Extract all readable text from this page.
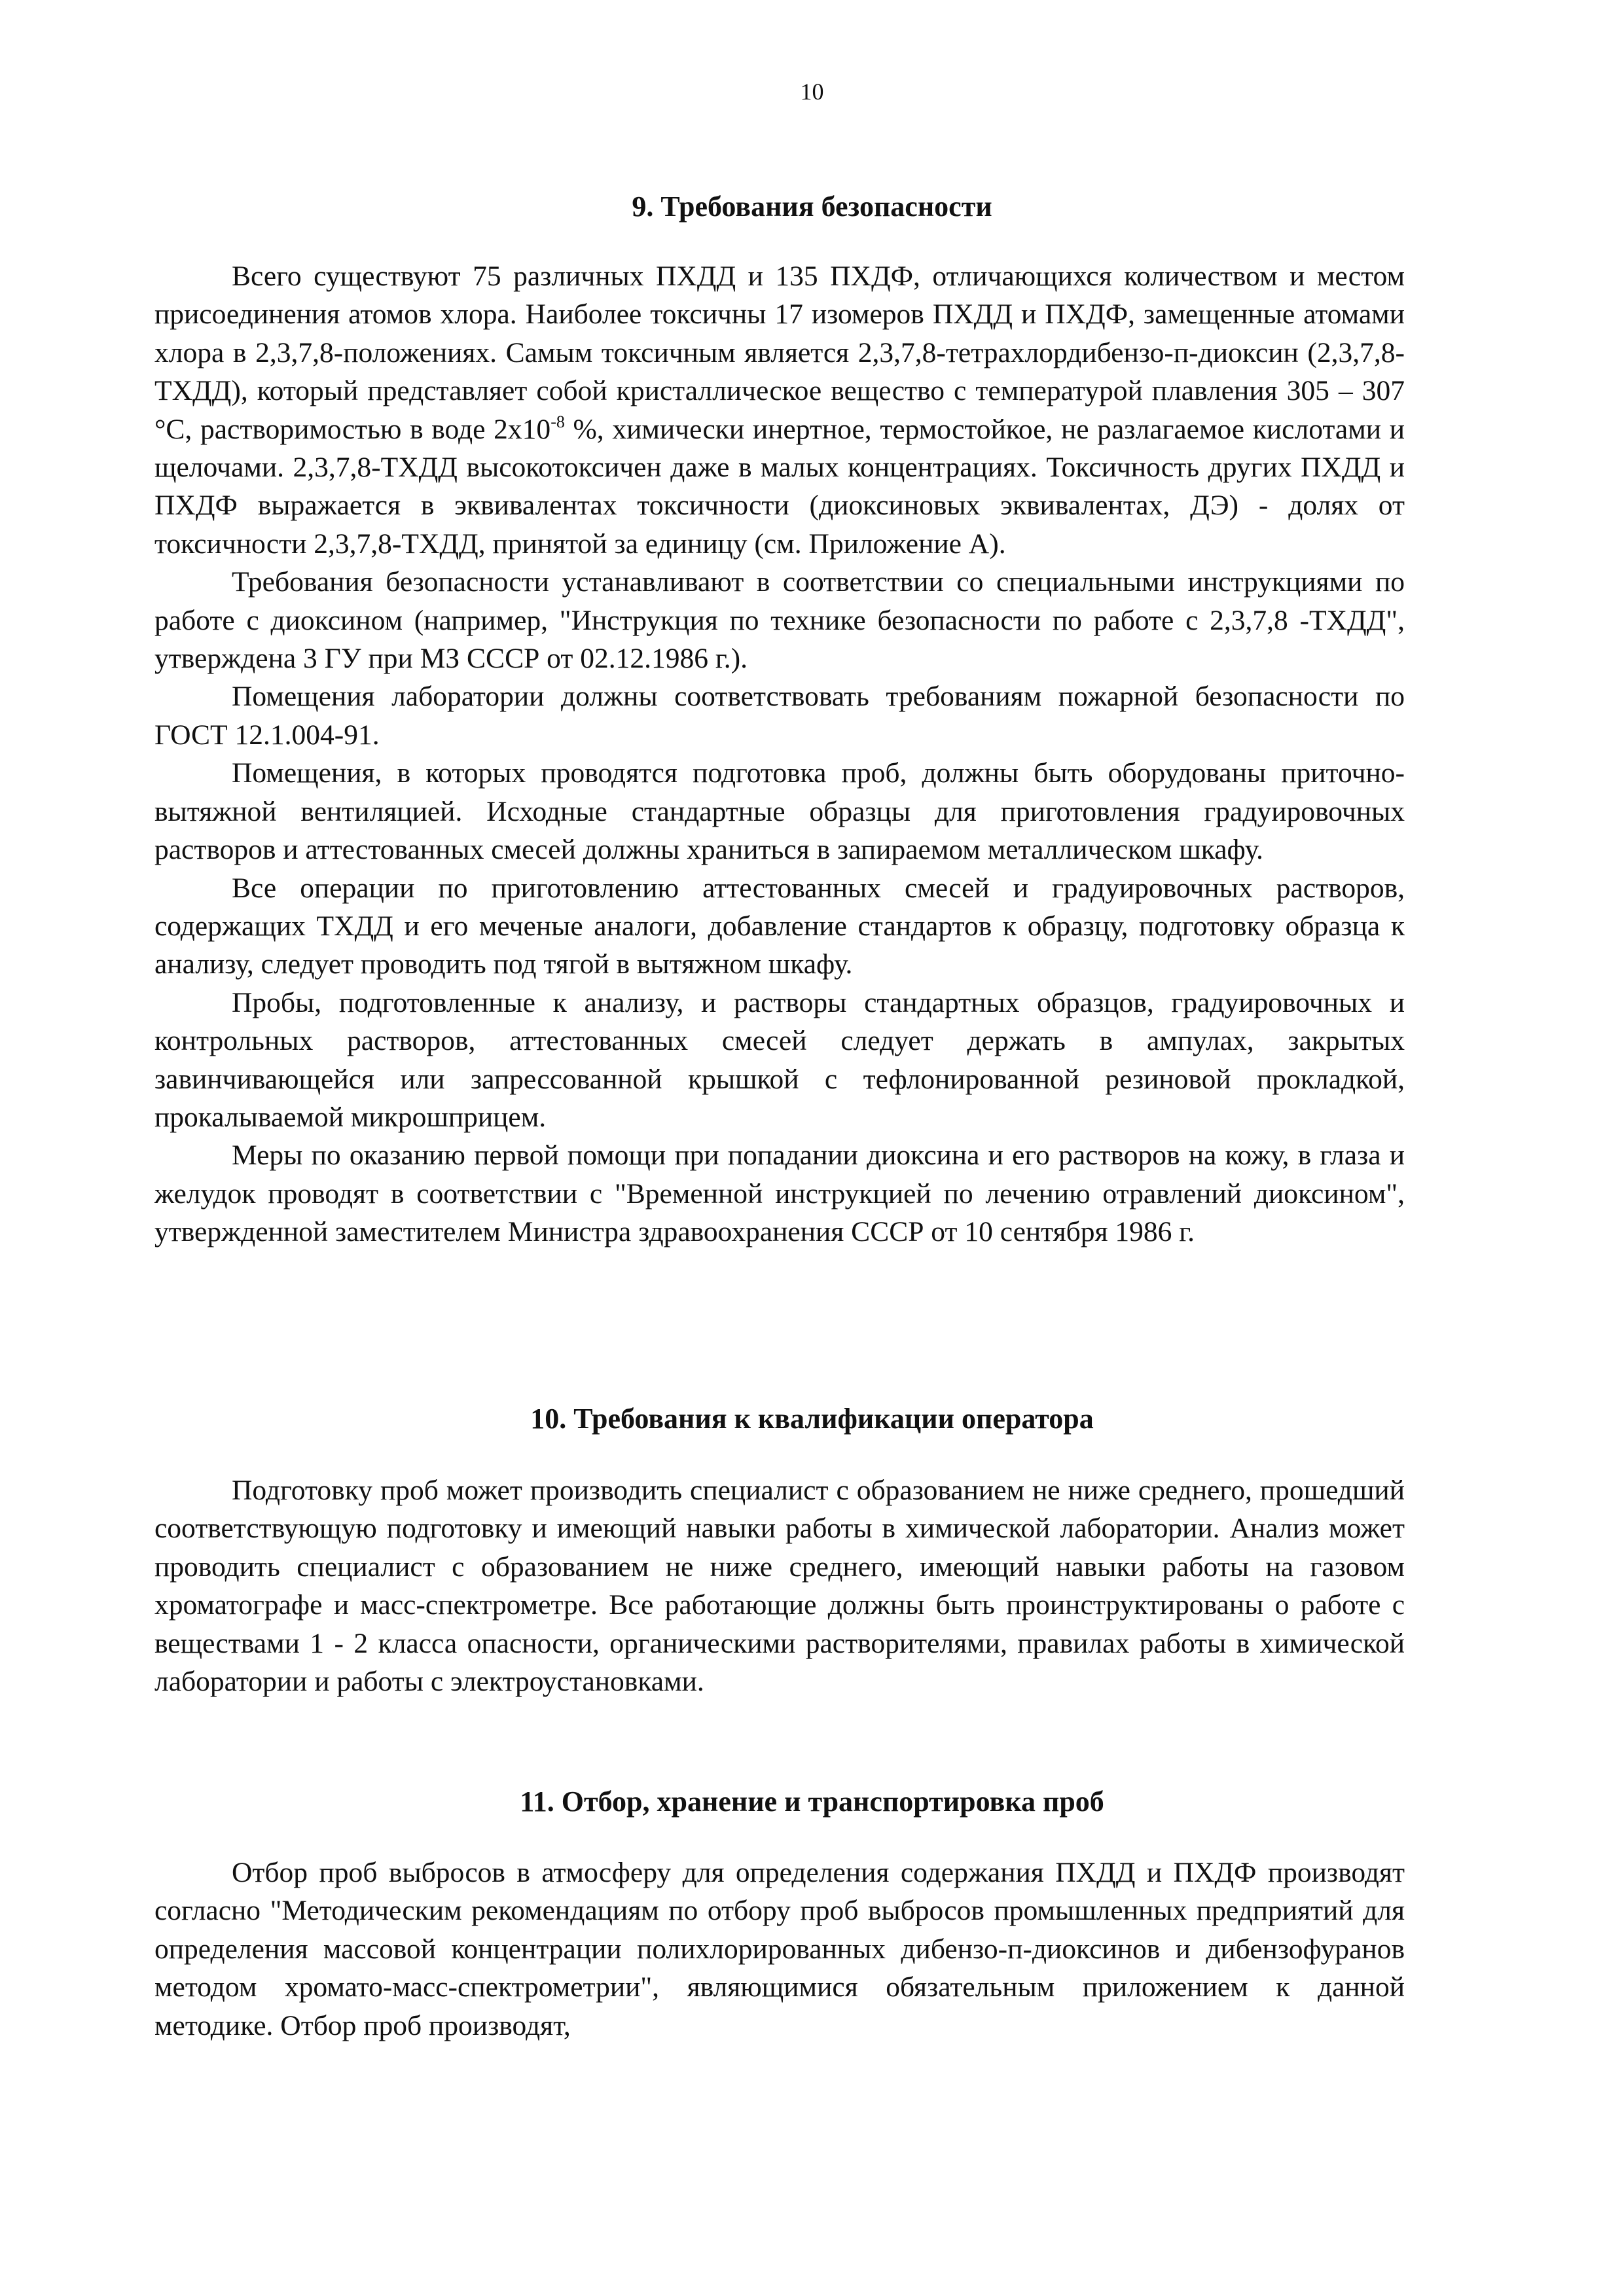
10
9. Требования безопасности

Всего существуют 75 различных ПХДД и 135 ПХДФ, отличающихся количеством и местом присоединения атомов хлора. Наиболее токсичны 17 изомеров ПХДД и ПХДФ, замещенные атомами хлора в 2,3,7,8-положениях. Самым токсичным является 2,3,7,8-тетрахлордибензо-п-диоксин (2,3,7,8-ТХДД), который представляет собой кристаллическое вещество с температурой плавления 305 – 307 °С, растворимостью в воде $2х10^{-8}$ %, химически инертное, термостойкое, не разлагаемое кислотами и щелочами. 2,3,7,8-ТХДД высокотоксичен даже в малых концентрациях. Токсичность других ПХДД и ПХДФ выражается в эквивалентах токсичности (диоксиновых эквивалентах, ДЭ) - долях от токсичности 2,3,7,8-ТХДД, принятой за единицу (см. Приложение А).

Требования безопасности устанавливают в соответствии со специальными инструкциями по работе с диоксином (например, "Инструкция по технике безопасности по работе с 2,3,7,8 -ТХДД", утверждена 3 ГУ при МЗ СССР от 02.12.1986 г.).

Помещения лаборатории должны соответствовать требованиям пожарной безопасности по ГОСТ 12.1.004-91.

Помещения, в которых проводятся подготовка проб, должны быть оборудованы приточно-вытяжной вентиляцией. Исходные стандартные образцы для приготовления градуировочных растворов и аттестованных смесей должны храниться в запираемом металлическом шкафу.

Все операции по приготовлению аттестованных смесей и градуировочных растворов, содержащих ТХДД и его меченые аналоги, добавление стандартов к образцу, подготовку образца к анализу, следует проводить под тягой в вытяжном шкафу.

Пробы, подготовленные к анализу, и растворы стандартных образцов, градуировочных и контрольных растворов, аттестованных смесей следует держать в ампулах, закрытых завинчивающейся или запрессованной крышкой с тефлонированной резиновой прокладкой, прокалываемой микрошприцем.

Меры по оказанию первой помощи при попадании диоксина и его растворов на кожу, в глаза и желудок проводят в соответствии с "Временной инструкцией по лечению отравлений диоксином", утвержденной заместителем Министра здравоохранения СССР от 10 сентября 1986 г.

10. Требования к квалификации оператора

Подготовку проб может производить специалист с образованием не ниже среднего, прошедший соответствующую подготовку и имеющий навыки работы в химической лаборатории. Анализ может проводить специалист с образованием не ниже среднего, имеющий навыки работы на газовом хроматографе и масс-спектрометре. Все работающие должны быть проинструктированы о работе с веществами 1 - 2 класса опасности, органическими растворителями, правилах работы в химической лаборатории и работы с электроустановками.

11. Отбор, хранение и транспортировка проб

Отбор проб выбросов в атмосферу для определения содержания ПХДД и ПХДФ производят согласно "Методическим рекомендациям по отбору проб выбросов промышленных предприятий для определения массовой концентрации полихлорированных дибензо-п-диоксинов и дибензофуранов методом хромато-масс-спектрометрии", являющимися обязательным приложением к данной методике. Отбор проб производят,
